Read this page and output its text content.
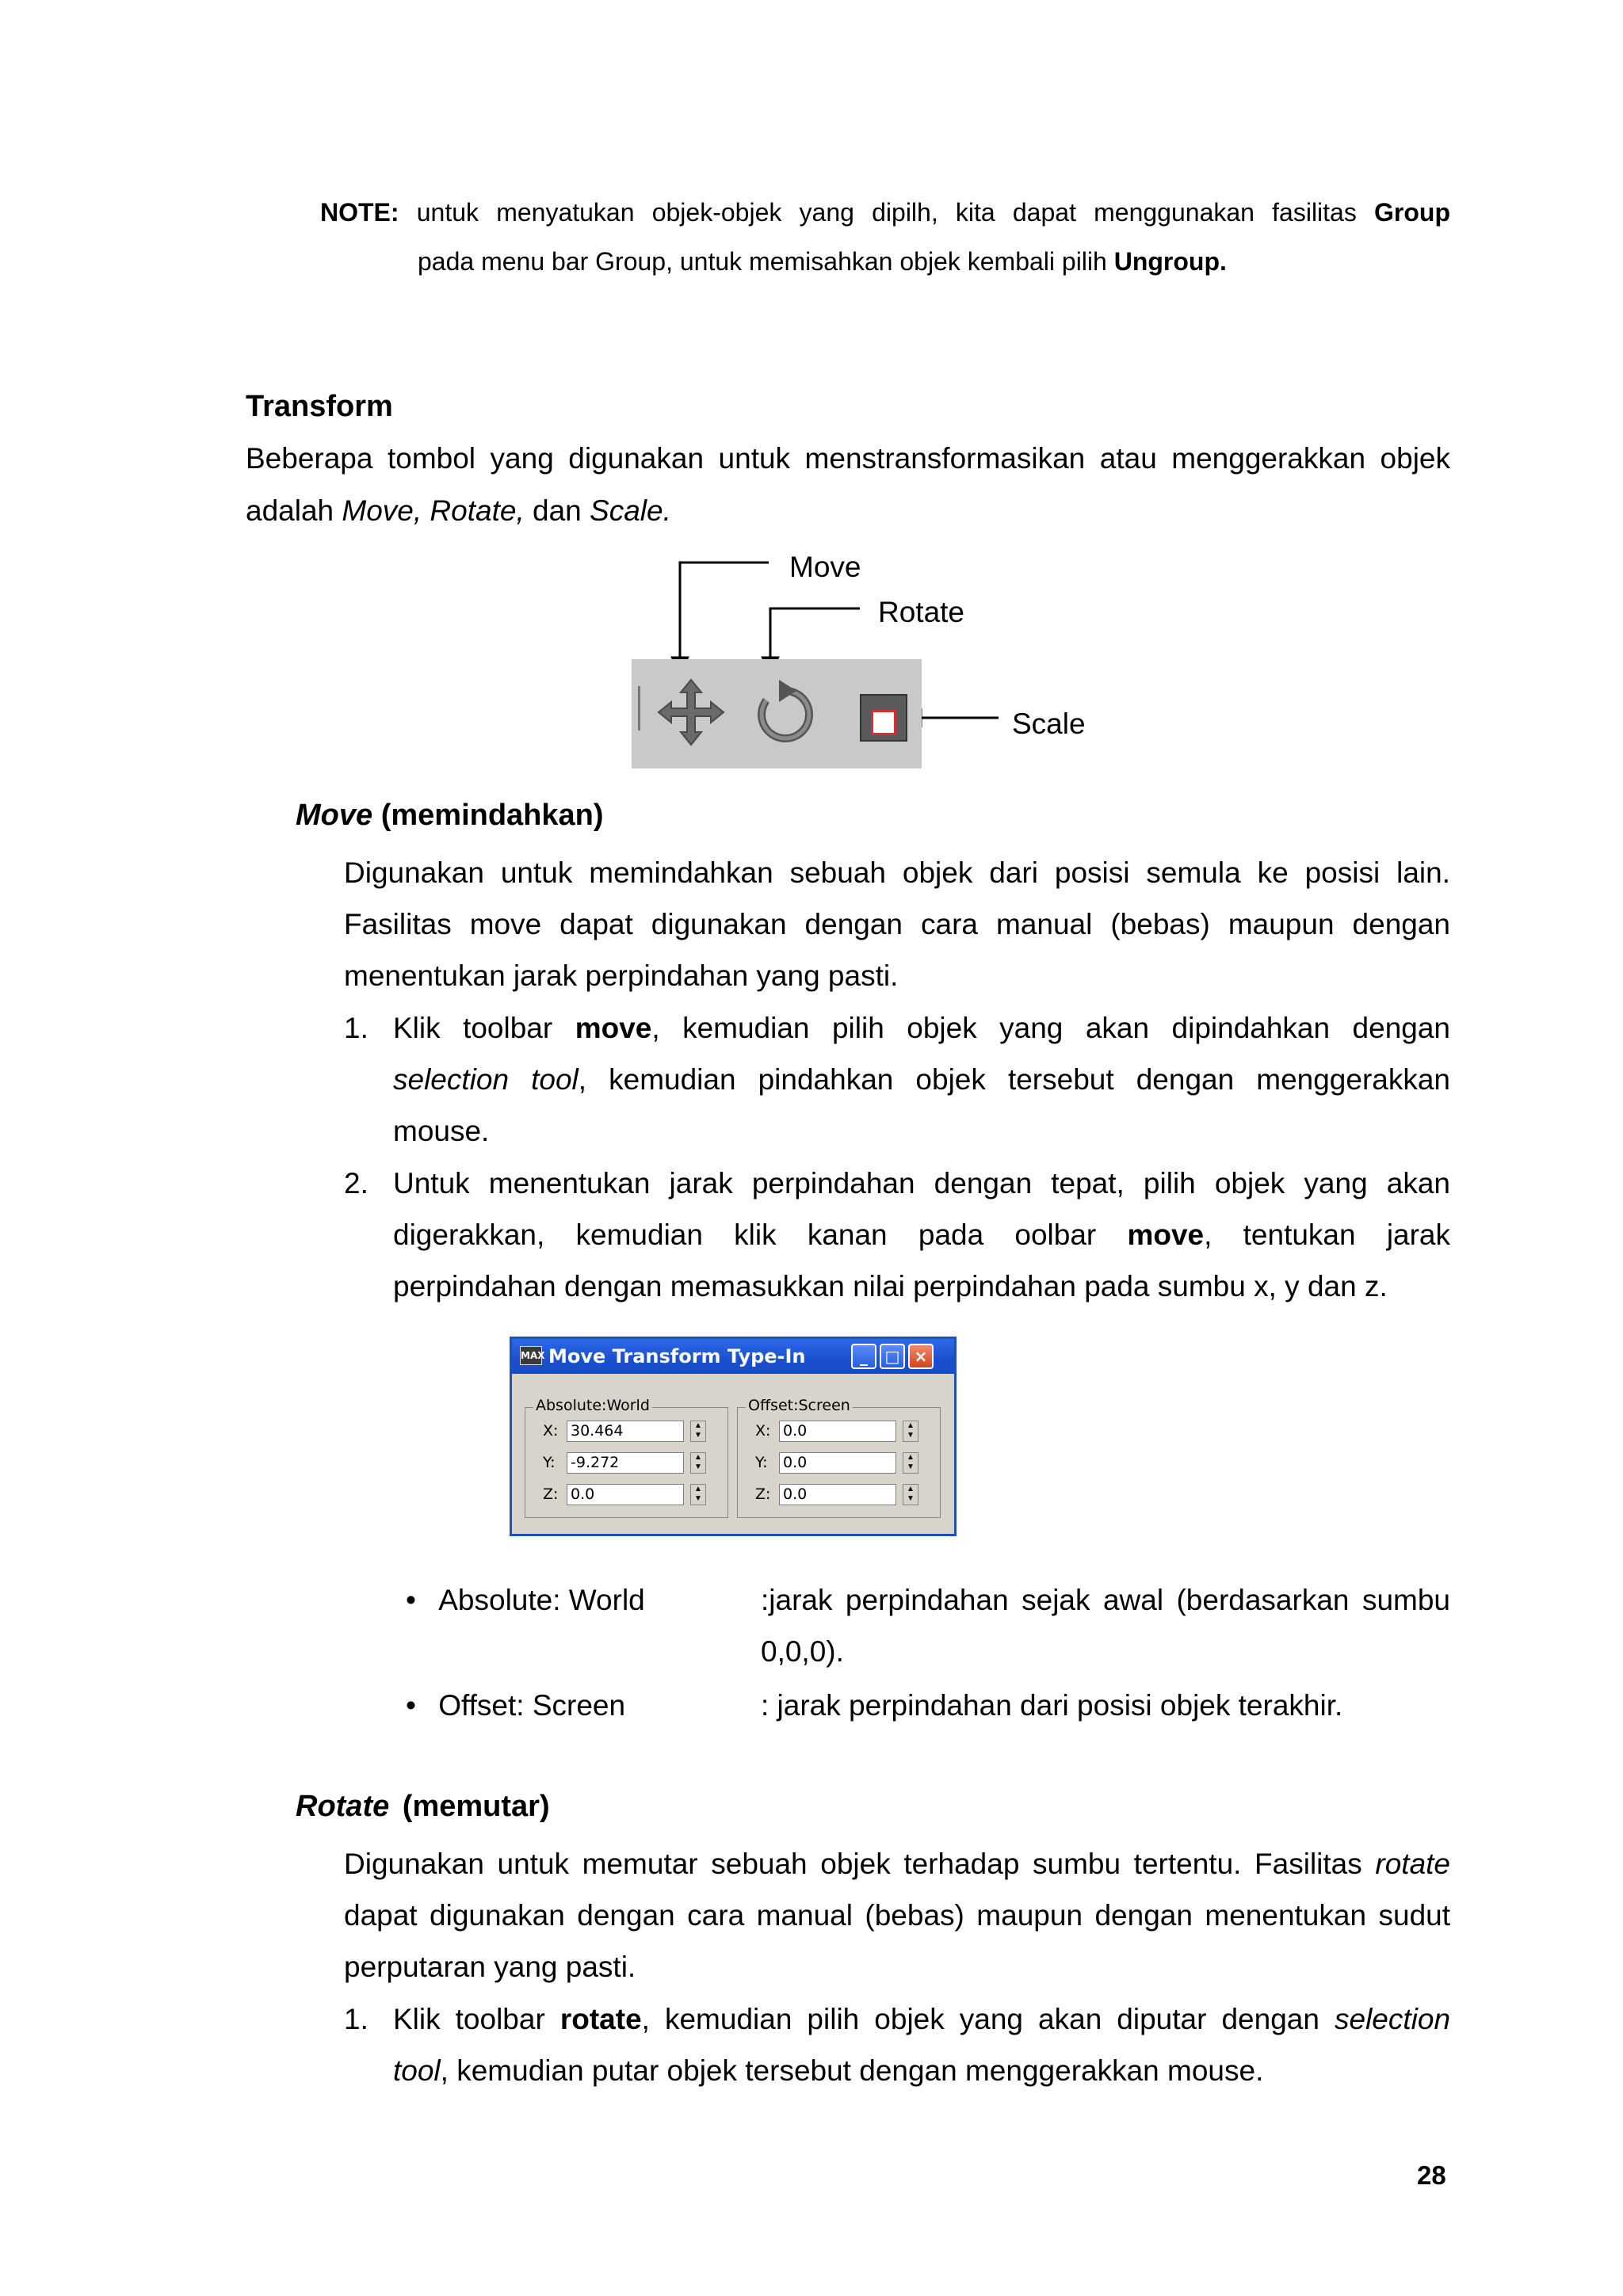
NOTE: untuk menyatukan objek-objek yang dipilh, kita dapat menggunakan fasilitas Group
pada menu bar Group, untuk memisahkan objek kembali pilih Ungroup.
Transform
Beberapa tombol yang digunakan untuk menstransformasikan atau menggerakkan objek
adalah Move, Rotate, dan Scale.
Move
Rotate
Scale
Move (memindahkan)
Digunakan untuk memindahkan sebuah objek dari posisi semula ke posisi lain.
Fasilitas move dapat digunakan dengan cara manual (bebas) maupun dengan
menentukan jarak perpindahan yang pasti.
1. Klik toolbar move, kemudian pilih objek yang akan dipindahkan dengan
selection tool, kemudian pindahkan objek tersebut dengan menggerakkan
mouse.
2. Untuk menentukan jarak perpindahan dengan tepat, pilih objek yang akan
digerakkan, kemudian klik kanan pada oolbar move, tentukan jarak
perpindahan dengan memasukkan nilai perpindahan pada sumbu x, y dan z.
MAX Move Transform Type-In	_	□ ×
Absolute:World
X: 30.464	▲
▼
Y: -9.272	▲
▼
Z: 0.0	▲
▼
Offset:Screen
X: 0.0	▲
▼
Y: 0.0	▲
▼
Z: 0.0	▲
▼
• Absolute: World	:jarak perpindahan sejak awal (berdasarkan sumbu
0,0,0).
• Offset: Screen	: jarak perpindahan dari posisi objek terakhir.
Rotate (memutar)
Digunakan untuk memutar sebuah objek terhadap sumbu tertentu. Fasilitas rotate
dapat digunakan dengan cara manual (bebas) maupun dengan menentukan sudut
perputaran yang pasti.
1. Klik toolbar rotate, kemudian pilih objek yang akan diputar dengan selection
tool, kemudian putar objek tersebut dengan menggerakkan mouse.
28
